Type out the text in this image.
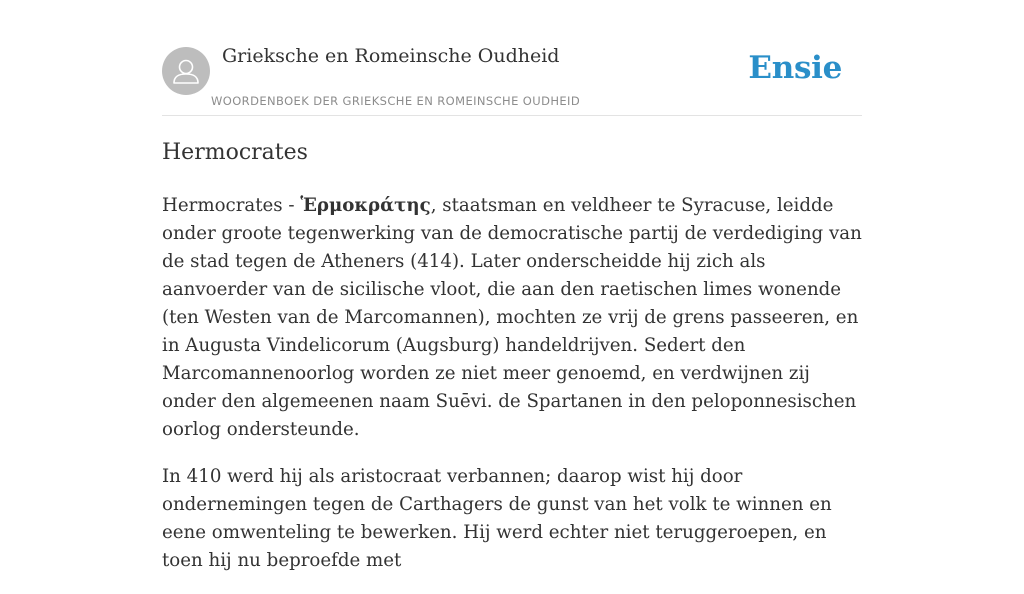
Grieksche en Romeinsche Oudheid
WOORDENBOEK DER GRIEKSCHE EN ROMEINSCHE OUDHEID
Ensie
Hermocrates

Hermocrates - Ἑρμοκράτης, staatsman en veldheer te Syracuse, leidde onder groote tegenwerking van de democratische partij de verdediging van de stad tegen de Atheners (414). Later onderscheidde hij zich als aanvoerder van de sicilische vloot, die aan den raetischen limes wonende (ten Westen van de Marcomannen), mochten ze vrij de grens passeeren, en in Augusta Vindelicorum (Augsburg) handeldrijven. Sedert den Marcomannenoorlog worden ze niet meer genoemd, en verdwijnen zij onder den algemeenen naam Suēvi. de Spartanen in den peloponnesischen oorlog ondersteunde.

In 410 werd hij als aristocraat verbannen; daarop wist hij door ondernemingen tegen de Carthagers de gunst van het volk te winnen en eene omwenteling te bewerken. Hij werd echter niet teruggeroepen, en toen hij nu beproefde met
